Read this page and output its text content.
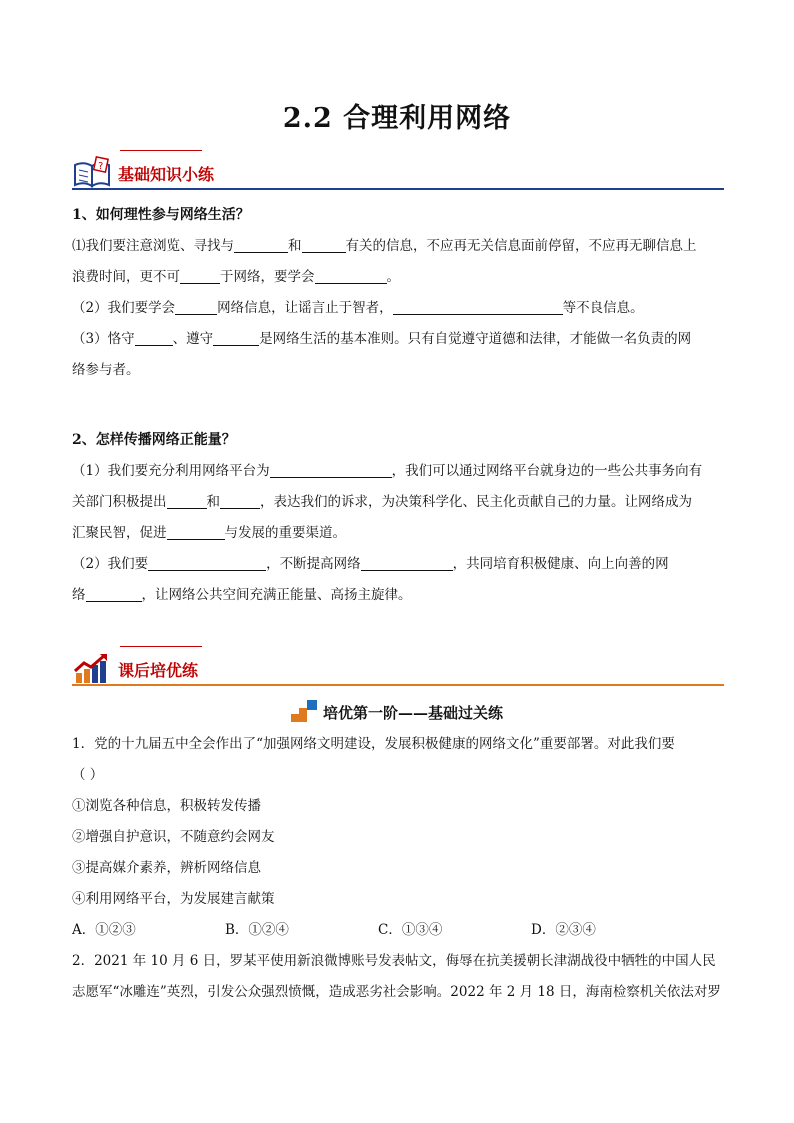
2.2 合理利用网络
? 基础知识小练
1、如何理性参与网络生活？
⑴我们要注意浏览、寻找与	和	有关的信息，不应再无关信息面前停留，不应再无聊信息上
浪费时间，更不可	于网络，要学会	。
（2）我们要学会	网络信息，让谣言止于智者，	等不良信息。
（3）恪守	、遵守	是网络生活的基本准则。只有自觉遵守道德和法律，才能做一名负责的网
络参与者。
2、怎样传播网络正能量？
（1）我们要充分利用网络平台为	，我们可以通过网络平台就身边的一些公共事务向有
关部门积极提出	和	，表达我们的诉求，为决策科学化、民主化贡献自己的力量。让网络成为
汇聚民智，促进	与发展的重要渠道。
（2）我们要	，不断提高网络	，共同培育积极健康、向上向善的网
络	，让网络公共空间充满正能量、高扬主旋律。
课后培优练
培优第一阶——基础过关练
1．党的十九届五中全会作出了“加强网络文明建设，发展积极健康的网络文化”重要部署。对此我们要
（ ）
①浏览各种信息，积极转发传播
②增强自护意识，不随意约会网友
③提高媒介素养，辨析网络信息
④利用网络平台，为发展建言献策
A．①②③	B．①②④	C．①③④	D．②③④
2．2021 年 10 月 6 日，罗某平使用新浪微博账号发表帖文，侮辱在抗美援朝长津湖战役中牺牲的中国人民
志愿军“冰雕连”英烈，引发公众强烈愤慨，造成恶劣社会影响。2022 年 2 月 18 日，海南检察机关依法对罗
